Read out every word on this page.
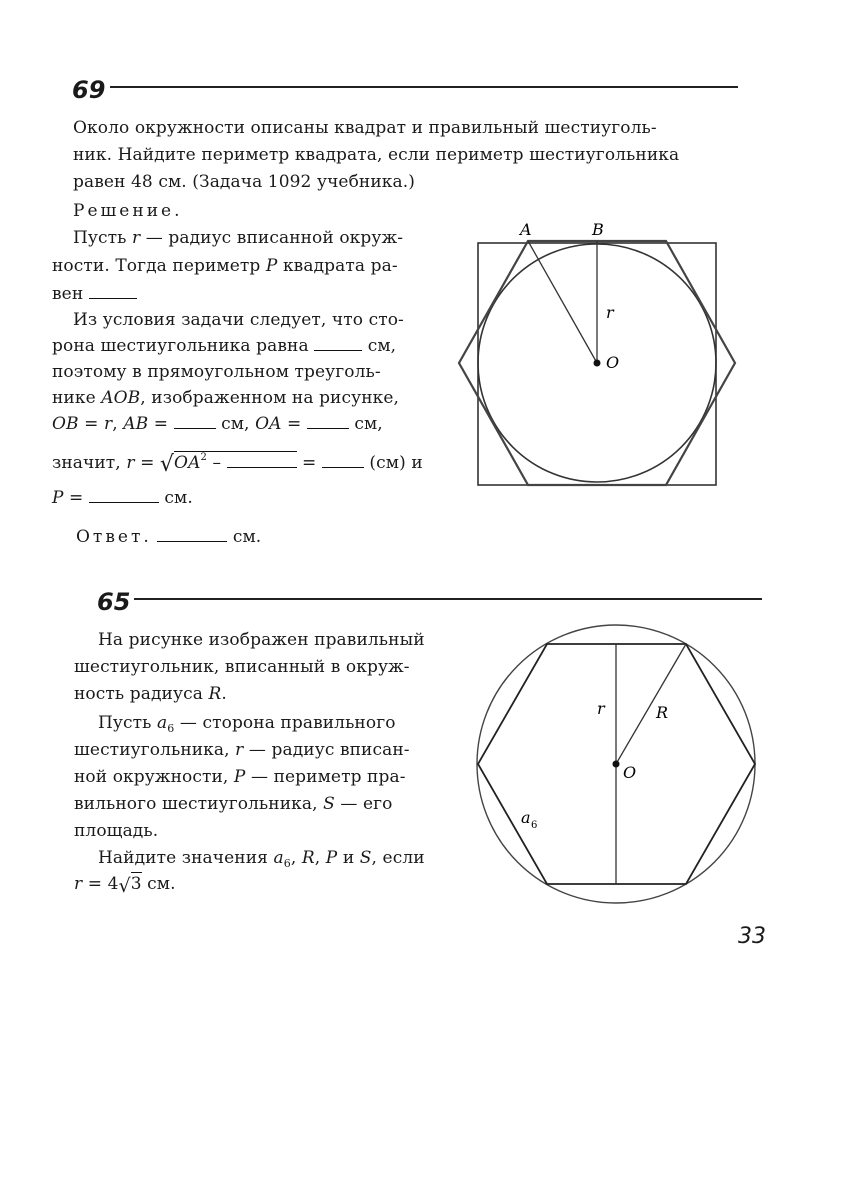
69
Около окружности описаны квадрат и правильный шестиуголь-
ник. Найдите периметр квадрата, если периметр шестиугольника
равен 48 см. (Задача 1092 учебника.)
Решение.
Пусть r — радиус вписанной окруж-
ности. Тогда периметр P квадрата ра-
вен
Из условия задачи следует, что сто-
рона шестиугольника равна	см,
поэтому в прямоугольном треуголь-
нике AOB, изображенном на рисунке,
OB = r, AB =  см, OA =  см,
значит, $r = √OA^2$ –	=  (см) и
P =	см.
Ответ.	см.
A	B
r
O
65
На рисунке изображен правильный
шестиугольник, вписанный в окруж-
ность радиуса R.
Пусть $a_6$ — сторона правильного
шестиугольника, r — радиус вписан-
ной окружности, P — периметр пра-
вильного шестиугольника, S — его
площадь.
Найдите значения $a_6$, R, P и S, если
r = 4√3 см.
r	R
O
a 6
33
